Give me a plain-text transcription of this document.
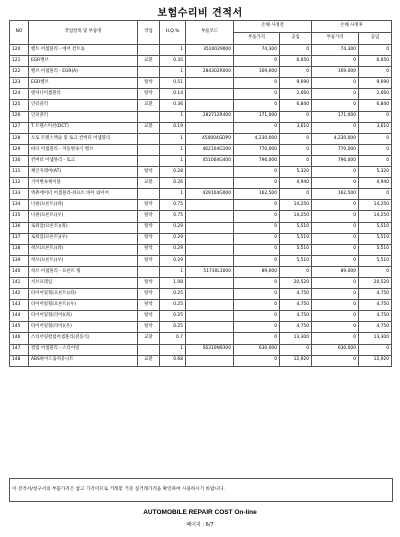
보험수리비 견적서
NO	작업항목 및 부품명	작업	H.Q.%	부품코드	손해 사정전		손해 사정후	
					부품가격	공임	부품가격	공임
120	벨트 어셈블리 - 에어 컨트롤		1	3510029000	74,300	0	74,300	0
121	EGR벨브	교환	0.35		0	6,650	0	6,650
122	벨브 어셈블리 - EGR(A)		1	284302R000	169,000	0	169,000	0
123	EGR벨브	탈착	0.51		0	9,690	0	9,690
124	텐셔너어셈블리	탈착	0.14		0	2,660	0	2,660
125	인터쿨러	교환	0.36		0	6,840	0	6,840
126	인터쿨러		1	282712R400	171,000	0	171,000	0
127	T 트랜스미션(DCT)	교환	0.19		0	3,610	0	3,610
128	오토 트랜스액슬 및 토크 컨버터 어셈블리		1	450004GDP0	4,230,000	0	4,230,000	0
129	바디 어셈블리 - 자동변속기 밸브		1	462104G100	770,000	0	770,000	0
130	컨버터 어셈블리 - 토크		1	451004G400	796,000	0	796,000	0
131	체인지레버(AT)	탈착	0.28		0	5,320	0	5,320
132	기어변속케이블	교환	0.26		0	4,940	0	4,940
133	액츄에이터 어셈블리-쉬프트 바이 와이어		1	429104G000	162,500	0	162,500	0
134	너클(프론트)(좌)	탈착	0.75		0	14,250	0	14,250
135	너클(프론트)(우)	탈착	0.75		0	14,250	0	14,250
136	로워암(프론트)(좌)	탈착	0.29		0	5,510	0	5,510
137	로워암(프론트)(우)	탈착	0.29		0	5,510	0	5,510
138	허브(프론트)(좌)	탈착	0.29		0	5,510	0	5,510
139	허브(프론트)(우)	탈착	0.29		0	5,510	0	5,510
140	허브 어셈블리 - 프론트 휠		1	51730L1000	89,000	0	89,000	0
141	서브프레임	탈착	1.08		0	20,520	0	20,520
142	타이어및휠(프론트)(좌)	탈착	0.25		0	4,750	0	4,750
143	타이어및휠(프론트)(우)	탈착	0.25		0	4,750	0	4,750
144	타이어및휠(리어)(좌)	탈착	0.25		0	4,750	0	4,750
145	타이어및휠(리어)(우)	탈착	0.25		0	4,750	0	4,750
146	스티어링칼럼어셈블리(전동식)	교환	0.7		0	13,300	0	13,300
147	컬럼 어셈블리 - 스티어링		1	56310N9300	630,000	0	630,000	0
148	ABS하이드롤릭유니트	교환	0.68		0	12,920	0	12,920
이 견적서/청구서의 부품가격은 참고 가격이므로 거래맞 거준 실거래가격을 확인하여 사용하시기 바랍니다.
AUTOMOBILE REPAIR COST On-line
페이지 : 6/7
